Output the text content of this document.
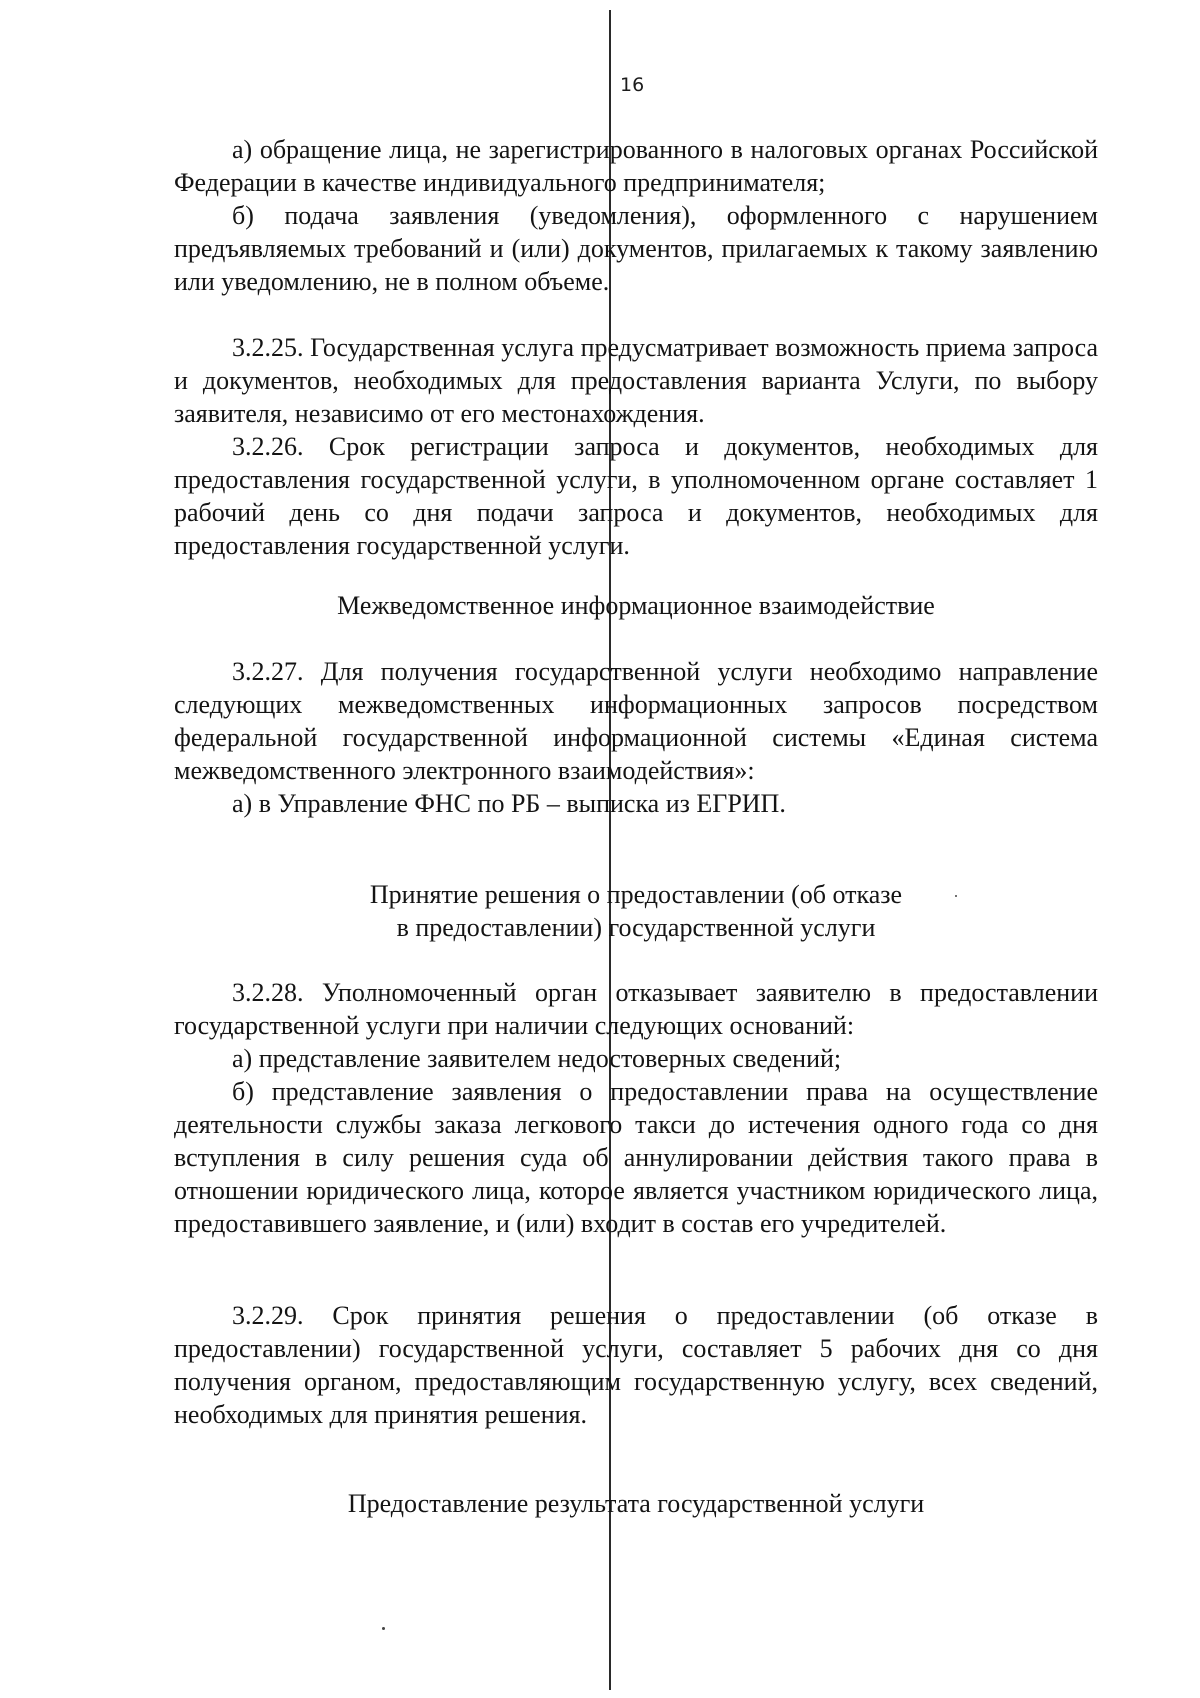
16

а) обращение лица, не зарегистрированного в налоговых органах Российской Федерации в качестве индивидуального предпринимателя;

б) подача заявления (уведомления), оформленного с нарушением предъявляемых требований и (или) документов, прилагаемых к такому заявлению или уведомлению, не в полном объеме.

3.2.25. Государственная услуга предусматривает возможность приема запроса и документов, необходимых для предоставления варианта Услуги, по выбору заявителя, независимо от его местонахождения.

3.2.26. Срок регистрации запроса и документов, необходимых для предоставления государственной услуги, в уполномоченном органе составляет 1 рабочий день со дня подачи запроса и документов, необходимых для предоставления государственной услуги.

Межведомственное информационное взаимодействие

3.2.27. Для получения государственной услуги необходимо направление следующих межведомственных информационных запросов посредством федеральной государственной информационной системы «Единая система межведомственного электронного взаимодействия»:

а) в Управление ФНС по РБ – выписка из ЕГРИП.

Принятие решения о предоставлении (об отказе
в предоставлении) государственной услуги

3.2.28. Уполномоченный орган отказывает заявителю в предоставлении государственной услуги при наличии следующих оснований:

а) представление заявителем недостоверных сведений;

б) представление заявления о предоставлении права на осуществление деятельности службы заказа легкового такси до истечения одного года со дня вступления в силу решения суда об аннулировании действия такого права в отношении юридического лица, которое является участником юридического лица, предоставившего заявление, и (или) входит в состав его учредителей.

3.2.29. Срок принятия решения о предоставлении (об отказе в предоставлении) государственной услуги, составляет 5 рабочих дня со дня получения органом, предоставляющим государственную услугу, всех сведений, необходимых для принятия решения.

Предоставление результата государственной услуги
